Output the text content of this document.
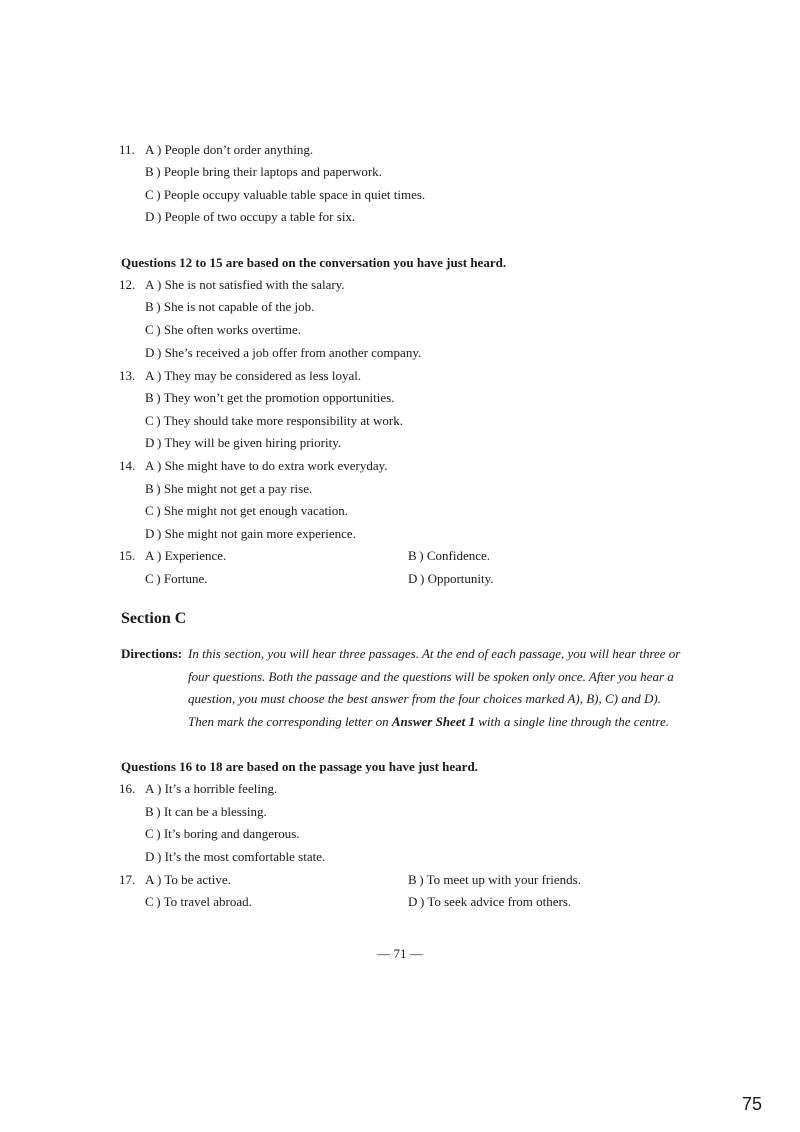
11. A ) People don’t order anything.
B ) People bring their laptops and paperwork.
C ) People occupy valuable table space in quiet times.
D ) People of two occupy a table for six.
Questions 12 to 15 are based on the conversation you have just heard.
12. A ) She is not satisfied with the salary.
B ) She is not capable of the job.
C ) She often works overtime.
D ) She’s received a job offer from another company.
13. A ) They may be considered as less loyal.
B ) They won’t get the promotion opportunities.
C ) They should take more responsibility at work.
D ) They will be given hiring priority.
14. A ) She might have to do extra work everyday.
B ) She might not get a pay rise.
C ) She might not get enough vacation.
D ) She might not gain more experience.
15. A ) Experience.	B ) Confidence.
C ) Fortune.	D ) Opportunity.
Section C
Directions: In this section, you will hear three passages. At the end of each passage, you will hear three or
four questions. Both the passage and the questions will be spoken only once. After you hear a
question, you must choose the best answer from the four choices marked A), B), C) and D).
Then mark the corresponding letter on Answer Sheet 1 with a single line through the centre.
Questions 16 to 18 are based on the passage you have just heard.
16. A ) It’s a horrible feeling.
B ) It can be a blessing.
C ) It’s boring and dangerous.
D ) It’s the most comfortable state.
17. A ) To be active.	B ) To meet up with your friends.
C ) To travel abroad.	D ) To seek advice from others.
— 71 —
75
